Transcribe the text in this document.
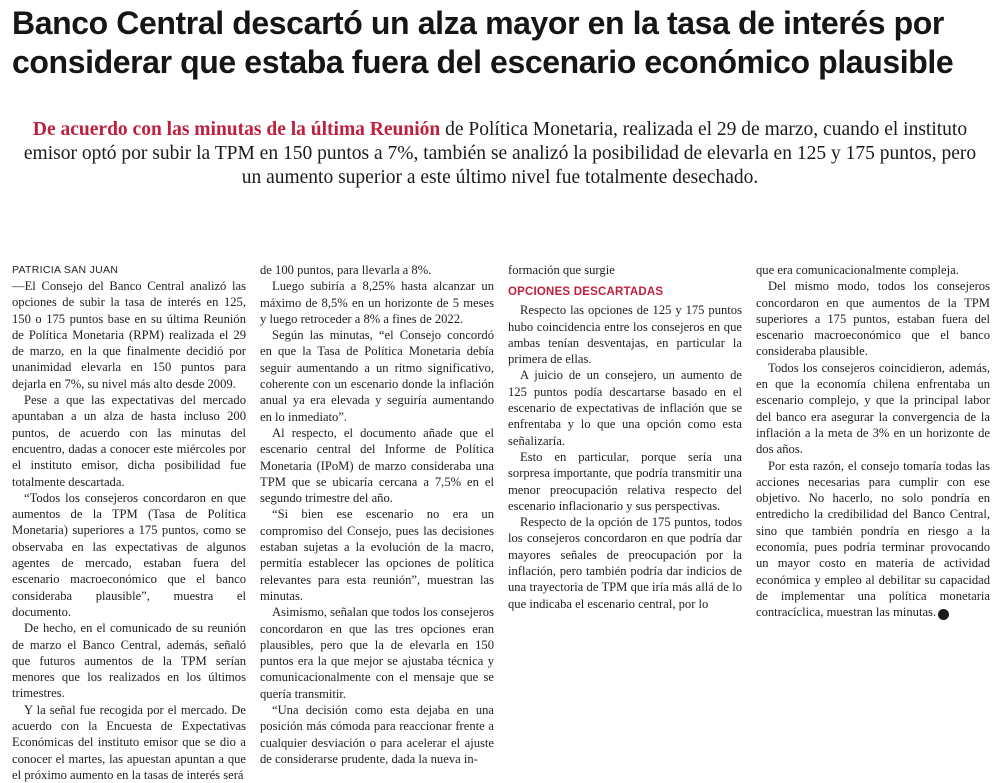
Banco Central descartó un alza mayor en la tasa de interés por considerar que estaba fuera del escenario económico plausible

De acuerdo con las minutas de la última Reunión de Política Monetaria, realizada el 29 de marzo, cuando el instituto emisor optó por subir la TPM en 150 puntos a 7%, también se analizó la posibilidad de elevarla en 125 y 175 puntos, pero un aumento superior a este último nivel fue totalmente desechado.

PATRICIA SAN JUAN

—El Consejo del Banco Central analizó las opciones de subir la tasa de interés en 125, 150 o 175 puntos base en su última Reunión de Política Monetaria (RPM) realizada el 29 de marzo, en la que finalmente decidió por unanimidad elevarla en 150 puntos para dejarla en 7%, su nivel más alto desde 2009.

Pese a que las expectativas del mercado apuntaban a un alza de hasta incluso 200 puntos, de acuerdo con las minutas del encuentro, dadas a conocer este miércoles por el instituto emisor, dicha posibilidad fue totalmente descartada.

“Todos los consejeros concordaron en que aumentos de la TPM (Tasa de Política Monetaria) superiores a 175 puntos, como se observaba en las expectativas de algunos agentes de mercado, estaban fuera del escenario macroeconómico que el banco consideraba plausible”, muestra el documento.

De hecho, en el comunicado de su reunión de marzo el Banco Central, además, señaló que futuros aumentos de la TPM serían menores que los realizados en los últimos trimestres.

Y la señal fue recogida por el mercado. De acuerdo con la Encuesta de Expectativas Económicas del instituto emisor que se dio a conocer el martes, las apuestan apuntan a que el próximo aumento en la tasas de interés será

de 100 puntos, para llevarla a 8%.

Luego subiría a 8,25% hasta alcanzar un máximo de 8,5% en un horizonte de 5 meses y luego retroceder a 8% a fines de 2022.

Según las minutas, “el Consejo concordó en que la Tasa de Política Monetaria debía seguir aumentando a un ritmo significativo, coherente con un escenario donde la inflación anual ya era elevada y seguiría aumentando en lo inmediato”.

Al respecto, el documento añade que el escenario central del Informe de Política Monetaria (IPoM) de marzo consideraba una TPM que se ubicaría cercana a 7,5% en el segundo trimestre del año.

“Si bien ese escenario no era un compromiso del Consejo, pues las decisiones estaban sujetas a la evolución de la macro, permitía establecer las opciones de política relevantes para esta reunión”, muestran las minutas.

Asimismo, señalan que todos los consejeros concordaron en que las tres opciones eran plausibles, pero que la de elevarla en 150 puntos era la que mejor se ajustaba técnica y comunicacionalmente con el mensaje que se quería transmitir.

“Una decisión como esta dejaba en una posición más cómoda para reaccionar frente a cualquier desviación o para acelerar el ajuste de considerarse prudente, dada la nueva in-

formación que surgie

OPCIONES DESCARTADAS

Respecto las opciones de 125 y 175 puntos hubo coincidencia entre los consejeros en que ambas tenían desventajas, en particular la primera de ellas.

A juicio de un consejero, un aumento de 125 puntos podía descartarse basado en el escenario de expectativas de inflación que se enfrentaba y lo que una opción como esta señalizaría.

Esto en particular, porque sería una sorpresa importante, que podría transmitir una menor preocupación relativa respecto del escenario inflacionario y sus perspectivas.

Respecto de la opción de 175 puntos, todos los consejeros concordaron en que podría dar mayores señales de preocupación por la inflación, pero también podría dar indicios de una trayectoria de TPM que iría más allá de lo que indicaba el escenario central, por lo

que era comunicacionalmente compleja.

Del mismo modo, todos los consejeros concordaron en que aumentos de la TPM superiores a 175 puntos, estaban fuera del escenario macroeconómico que el banco consideraba plausible.

Todos los consejeros coincidieron, además, en que la economía chilena enfrentaba un escenario complejo, y que la principal labor del banco era asegurar la convergencia de la inflación a la meta de 3% en un horizonte de dos años.

Por esta razón, el consejo tomaría todas las acciones necesarias para cumplir con ese objetivo. No hacerlo, no solo pondría en entredicho la credibilidad del Banco Central, sino que también pondría en riesgo a la economía, pues podría terminar provocando un mayor costo en materia de actividad económica y empleo al debilitar su capacidad de implementar una política monetaria contracíclica, muestran las minutas. P
